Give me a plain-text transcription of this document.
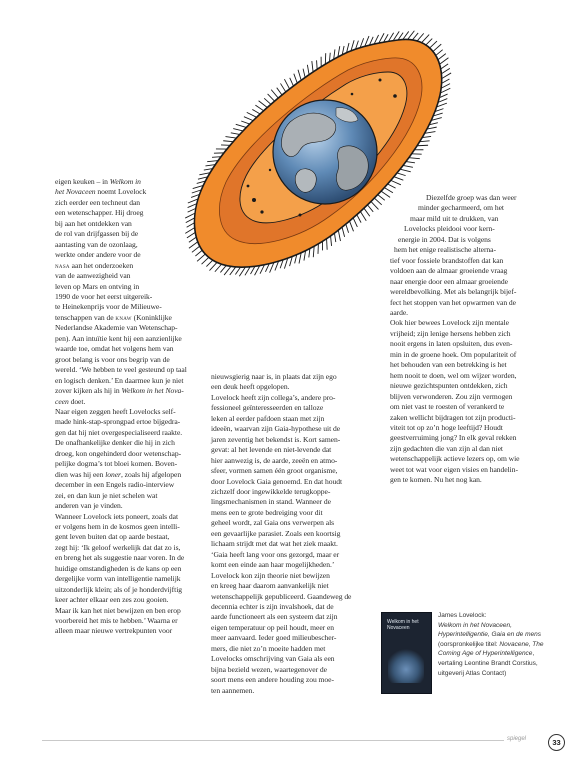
eigen keuken – in Welkom in
het Novaceen noemt Lovelock
zich eerder een techneut dan
een wetenschapper. Hij droeg
bij aan het ontdekken van
de rol van drijfgassen bij de
aantasting van de ozonlaag,
werkte onder andere voor de
nasa aan het onderzoeken
van de aanwezigheid van
leven op Mars en ontving in
1990 de voor het eerst uitgereik-
te Heinekenprijs voor de Milieuwe-
tenschappen van de knaw (Koninklijke
Nederlandse Akademie van Wetenschap-
pen). Aan intuïtie kent hij een aanzienlijke
waarde toe, omdat het volgens hem van
groot belang is voor ons begrip van de
wereld. ‘We hebben te veel gesteund op taal
en logisch denken.’ En daarmee kun je niet
zover kijken als hij in Welkom in het Nova-
ceen doet.
Naar eigen zeggen heeft Lovelocks self-
made hink-stap-sprongpad ertoe bijgedra-
gen dat hij niet overgespecialiseerd raakte.
De onafhankelijke denker die hij in zich
droeg, kon ongehinderd door wetenschap-
pelijke dogma’s tot bloei komen. Boven-
dien was hij een loner, zoals hij afgelopen
december in een Engels radio-interview
zei, en dan kun je niet schelen wat
anderen van je vinden.
Wanneer Lovelock iets poneert, zoals dat
er volgens hem in de kosmos geen intelli-
gent leven buiten dat op aarde bestaat,
zegt hij: ‘Ik geloof werkelijk dat dat zo is,
en breng het als suggestie naar voren. In de
huidige omstandigheden is de kans op een
dergelijke vorm van intelligentie namelijk
uitzonderlijk klein; als of je honderdvijftig
keer achter elkaar een zes zou gooien.
Maar ik kan het niet bewijzen en ben erop
voorbereid het mis te hebben.’ Waarna er
alleen maar nieuwe vertrekpunten voor
nieuwsgierig naar is, in plaats dat zijn ego
een deuk heeft opgelopen.
Lovelock heeft zijn collega’s, andere pro-
fessioneel geïnteresseerden en talloze
leken al eerder pafdoen staan met zijn
ideeën, waarvan zijn Gaia-hypothese uit de
jaren zeventig het bekendst is. Kort samen-
gevat: al het levende en niet-levende dat
hier aanwezig is, de aarde, zeeën en atmo-
sfeer, vormen samen één groot organisme,
door Lovelock Gaia genoemd. En dat houdt
zichzelf door ingewikkelde terugkoppe-
lingsmechanismen in stand. Wanneer de
mens een te grote bedreiging voor dit
geheel wordt, zal Gaia ons verwerpen als
een gevaarlijke parasiet. Zoals een koortsig
lichaam strijdt met dat wat het ziek maakt.
‘Gaia heeft lang voor ons gezorgd, maar er
komt een einde aan haar mogelijkheden.’
Lovelock kon zijn theorie niet bewijzen
en kreeg haar daarom aanvankelijk niet
wetenschappelijk gepubliceerd. Gaandeweg de
decennia echter is zijn invalshoek, dat de
aarde functioneert als een systeem dat zijn
eigen temperatuur op peil houdt, meer en
meer aanvaard. Ieder goed milieubescher-
mers, die niet zo’n moeite hadden met
Lovelocks omschrijving van Gaia als een
bijna bezield wezen, waartegenover de
soort mens een andere houding zou moe-
ten aannemen.
Diezelfde groep was dan weer
minder gecharmeerd, om het
maar mild uit te drukken, van
Lovelocks pleidooi voor kern-
energie in 2004. Dat is volgens
hem het enige realistische alterna-
tief voor fossiele brandstoffen dat kan
voldoen aan de almaar groeiende vraag
naar energie door een almaar groeiende
wereldbevolking. Met als belangrijk bijef-
fect het stoppen van het opwarmen van de
aarde.
Ook hier bewees Lovelock zijn mentale
vrijheid; zijn lenige hersens hebben zich
nooit ergens in laten opsluiten, dus even-
min in de groene hoek. Om populariteit of
het behouden van een betrekking is het
hem nooit te doen, wel om wijzer worden,
nieuwe gezichtspunten ontdekken, zich
blijven verwonderen. Zou zijn vermogen
om niet vast te roesten of verankerd te
zaken wellicht bijdragen tot zijn producti-
viteit tot op zo’n hoge leeftijd? Houdt
geestverruiming jong? In elk geval rekken
zijn gedachten die van zijn al dan niet
wetenschappelijk actieve lezers op, om wie
weet tot wat voor eigen visies en handelin-
gen te komen. Nu het nog kan.
Welkom in het
Novaceen
James Lovelock:
Welkom in het Novaceen, Hyperintelligentie, Gaia en de mens (oorspronkelijke titel: Novacene, The Coming Age of Hyperintelligence, vertaling Leontine Brandt Corstius, uitgeverij Atlas Contact)
spiegel	33
